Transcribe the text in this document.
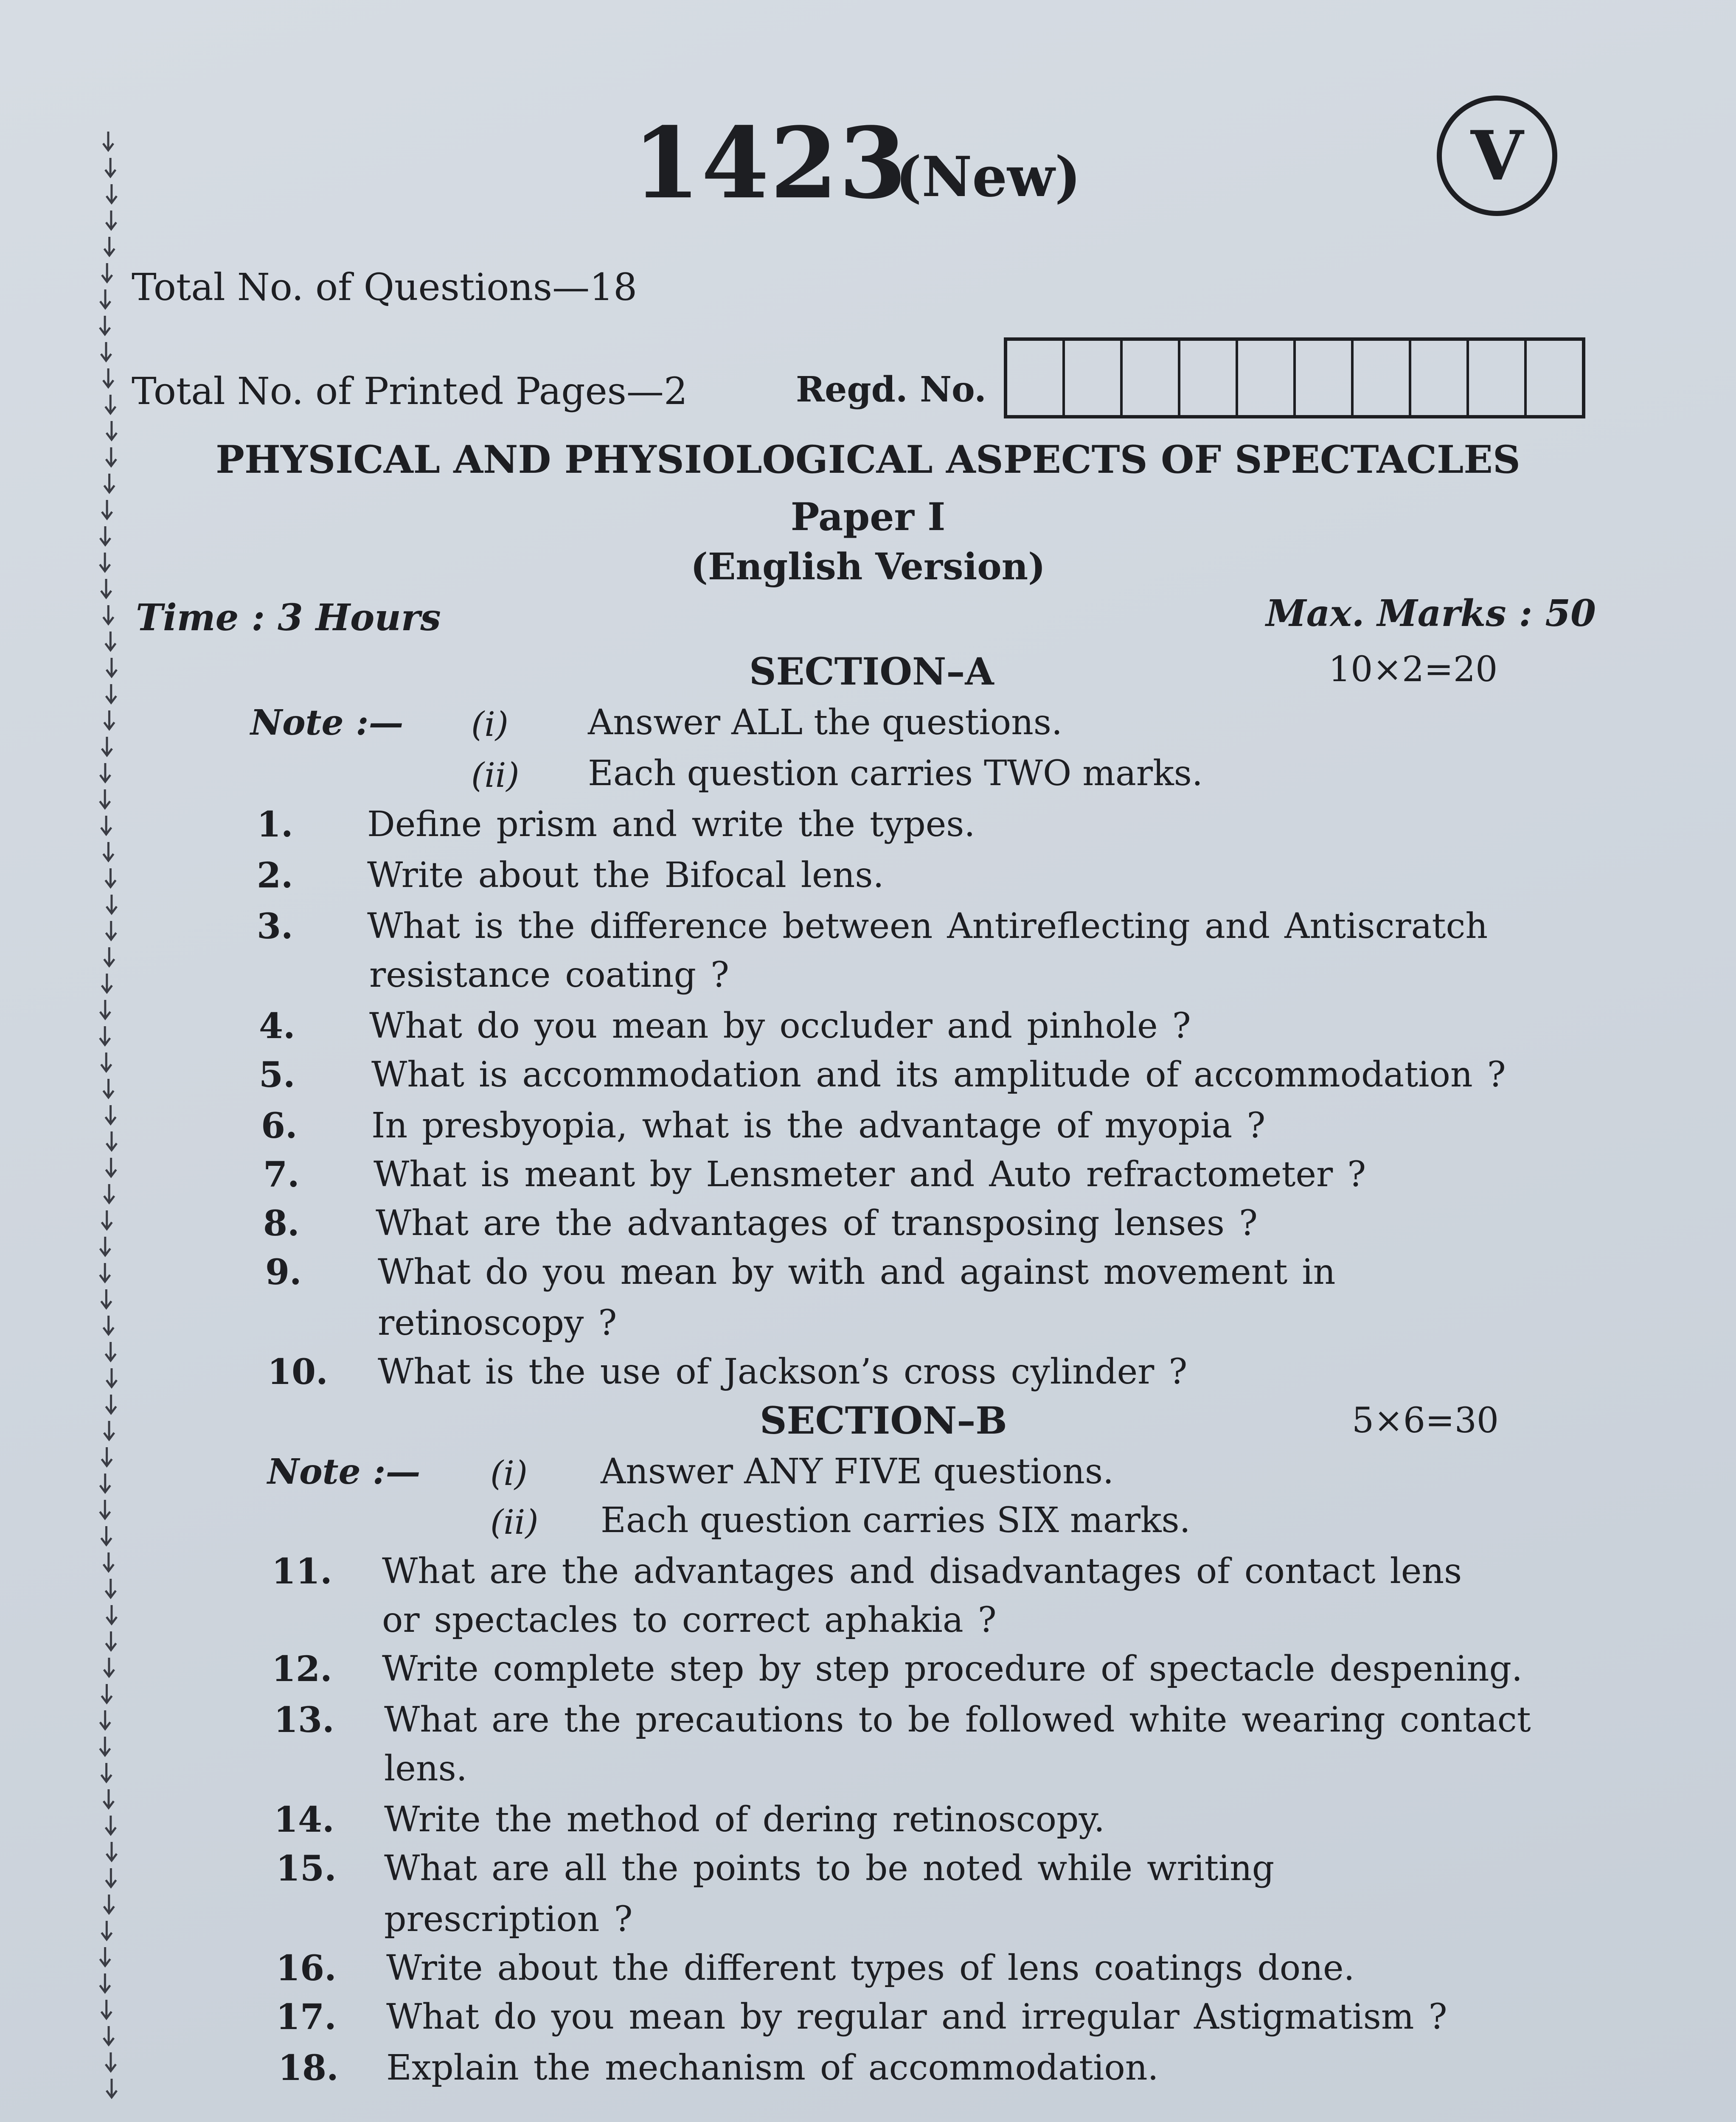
1423
(New)	V
Total No. of Questions—18
Total No. of Printed Pages—2	Regd. No.
PHYSICAL AND PHYSIOLOGICAL ASPECTS OF SPECTACLES
Paper I
(English Version)
Time : 3 Hours	Max. Marks : 50
SECTION–A	10×2=20
Note :— (i) Answer ALL the questions.
(ii) Each question carries TWO marks.
1. Define prism and write the types.
2. Write about the Bifocal lens.
3. What is the difference between Antireflecting and Antiscratch
resistance coating ?
4. What do you mean by occluder and pinhole ?
5. What is accommodation and its amplitude of accommodation ?
6. In presbyopia, what is the advantage of myopia ?
7. What is meant by Lensmeter and Auto refractometer ?
8. What are the advantages of transposing lenses ?
9. What do you mean by with and against movement in
retinoscopy ?
10. What is the use of Jackson’s cross cylinder ?
SECTION–B	5×6=30
Note :— (i) Answer ANY FIVE questions.
(ii) Each question carries SIX marks.
11. What are the advantages and disadvantages of contact lens
or spectacles to correct aphakia ?
12. Write complete step by step procedure of spectacle despening.
13. What are the precautions to be followed white wearing contact
lens.
14. Write the method of dering retinoscopy.
15. What are all the points to be noted while writing
prescription ?
16. Write about the different types of lens coatings done.
17. What do you mean by regular and irregular Astigmatism ?
18. Explain the mechanism of accommodation.
